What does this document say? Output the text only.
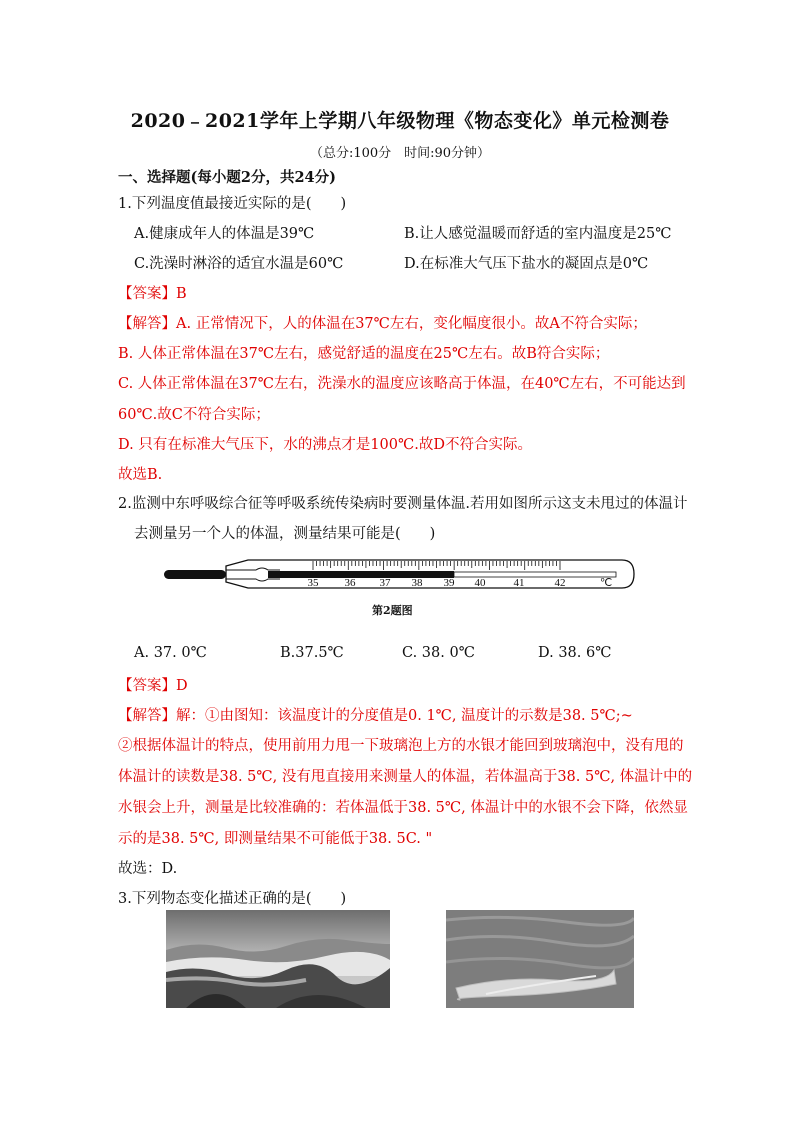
2020﹣2021学年上学期八年级物理《物态变化》单元检测卷
（总分:100分　时间:90分钟）
一、选择题(每小题2分，共24分)
1.下列温度值最接近实际的是(　　)
A.健康成年人的体温是39℃	B.让人感觉温暖而舒适的室内温度是25℃
C.洗澡时淋浴的适宜水温是60℃	D.在标准大气压下盐水的凝固点是0℃
【答案】B
【解答】A. 正常情况下，人的体温在37℃左右，变化幅度很小。故A不符合实际；
B. 人体正常体温在37℃左右，感觉舒适的温度在25℃左右。故B符合实际；
C. 人体正常体温在37℃左右，洗澡水的温度应该略高于体温，在40℃左右，不可能达到
60℃.故C不符合实际；
D. 只有在标准大气压下，水的沸点才是100℃.故D不符合实际。
故选B.
2.监测中东呼吸综合征等呼吸系统传染病时要测量体温.若用如图所示这支未甩过的体温计
去测量另一个人的体温，测量结果可能是(　　)
35 36 37 38 39 40	41	42	℃
第2题图
A. 37. 0℃	B.37.5℃	C. 38. 0℃	D. 38. 6℃
【答案】D
【解答】解：①由图知：该温度计的分度值是0. 1℃, 温度计的示数是38. 5℃;~
②根据体温计的特点，使用前用力甩一下玻璃泡上方的水银才能回到玻璃泡中，没有甩的
体温计的读数是38. 5℃, 没有甩直接用来测量人的体温，若体温高于38. 5℃, 体温计中的
水银会上升，测量是比较准确的：若体温低于38. 5℃, 体温计中的水银不会下降，依然显
示的是38. 5℃, 即测量结果不可能低于38. 5C. "
故选：D.
3.下列物态变化描述正确的是(　　)
